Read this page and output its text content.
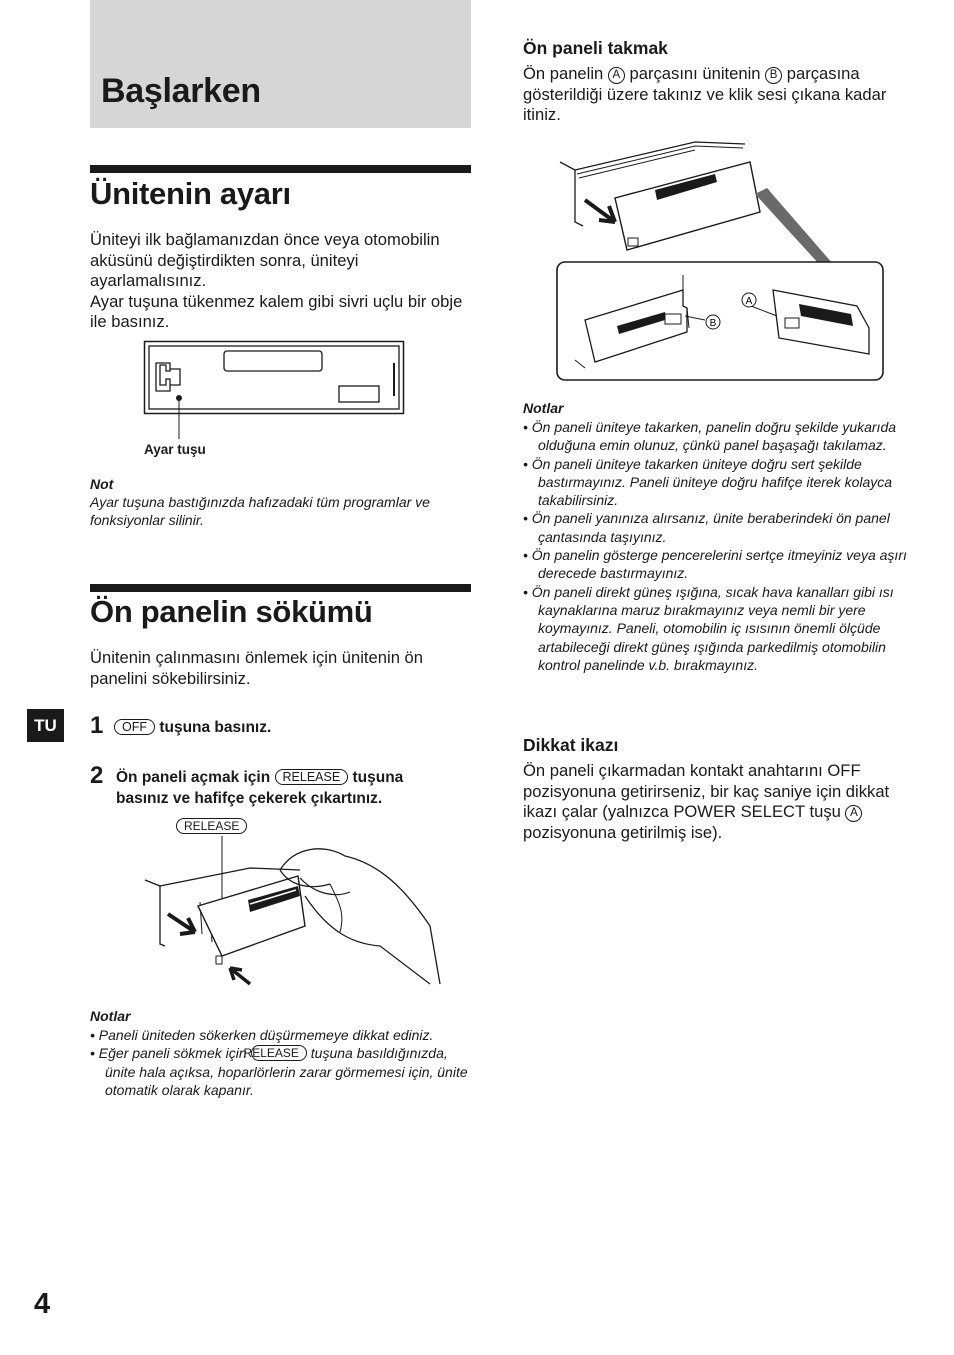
Başlarken
Ünitenin ayarı
Üniteyi ilk bağlamanızdan önce veya otomobilin aküsünü değiştirdikten sonra, üniteyi ayarlamalısınız.
Ayar tuşuna tükenmez kalem gibi sivri uçlu bir obje ile basınız.
Ayar tuşu
Not
Ayar tuşuna bastığınızda hafızadaki tüm programlar ve fonksiyonlar silinir.
Ön panelin sökümü
Ünitenin çalınmasını önlemek için ünitenin ön panelini sökebilirsiniz.
1	OFF tuşuna basınız.
2 Ön paneli açmak için RELEASE tuşuna
basınız ve hafifçe çekerek çıkartınız.
RELEASE
Notlar
• Paneli üniteden sökerken düşürmemeye dikkat ediniz.
• Eğer paneli sökmek için RELEASE tuşuna basıldığınızda, ünite hala açıksa, hoparlörlerin zarar görmemesi için, ünite otomatik olarak kapanır.
Ön paneli takmak
Ön panelin A parçasını ünitenin B parçasına gösterildiği üzere takınız ve klik sesi çıkana kadar itiniz.
A
B
Notlar
• Ön paneli üniteye takarken, panelin doğru şekilde yukarıda olduğuna emin olunuz, çünkü panel başaşağı takılamaz.
• Ön paneli üniteye takarken üniteye doğru sert şekilde bastırmayınız. Paneli üniteye doğru hafifçe iterek kolayca takabilirsiniz.
• Ön paneli yanınıza alırsanız, ünite beraberindeki ön panel çantasında taşıyınız.
• Ön panelin gösterge pencerelerini sertçe itmeyiniz veya aşırı derecede bastırmayınız.
• Ön paneli direkt güneş ışığına, sıcak hava kanalları gibi ısı kaynaklarına maruz bırakmayınız veya nemli bir yere koymayınız. Paneli, otomobilin iç ısısının önemli ölçüde artabileceği direkt güneş ışığında parkedilmiş otomobilin kontrol panelinde v.b. bırakmayınız.
Dikkat ikazı
Ön paneli çıkarmadan kontakt anahtarını OFF pozisyonuna getirirseniz, bir kaç saniye için dikkat ikazı çalar (yalnızca POWER SELECT tuşu A pozisyonuna getirilmiş ise).
TU
4
